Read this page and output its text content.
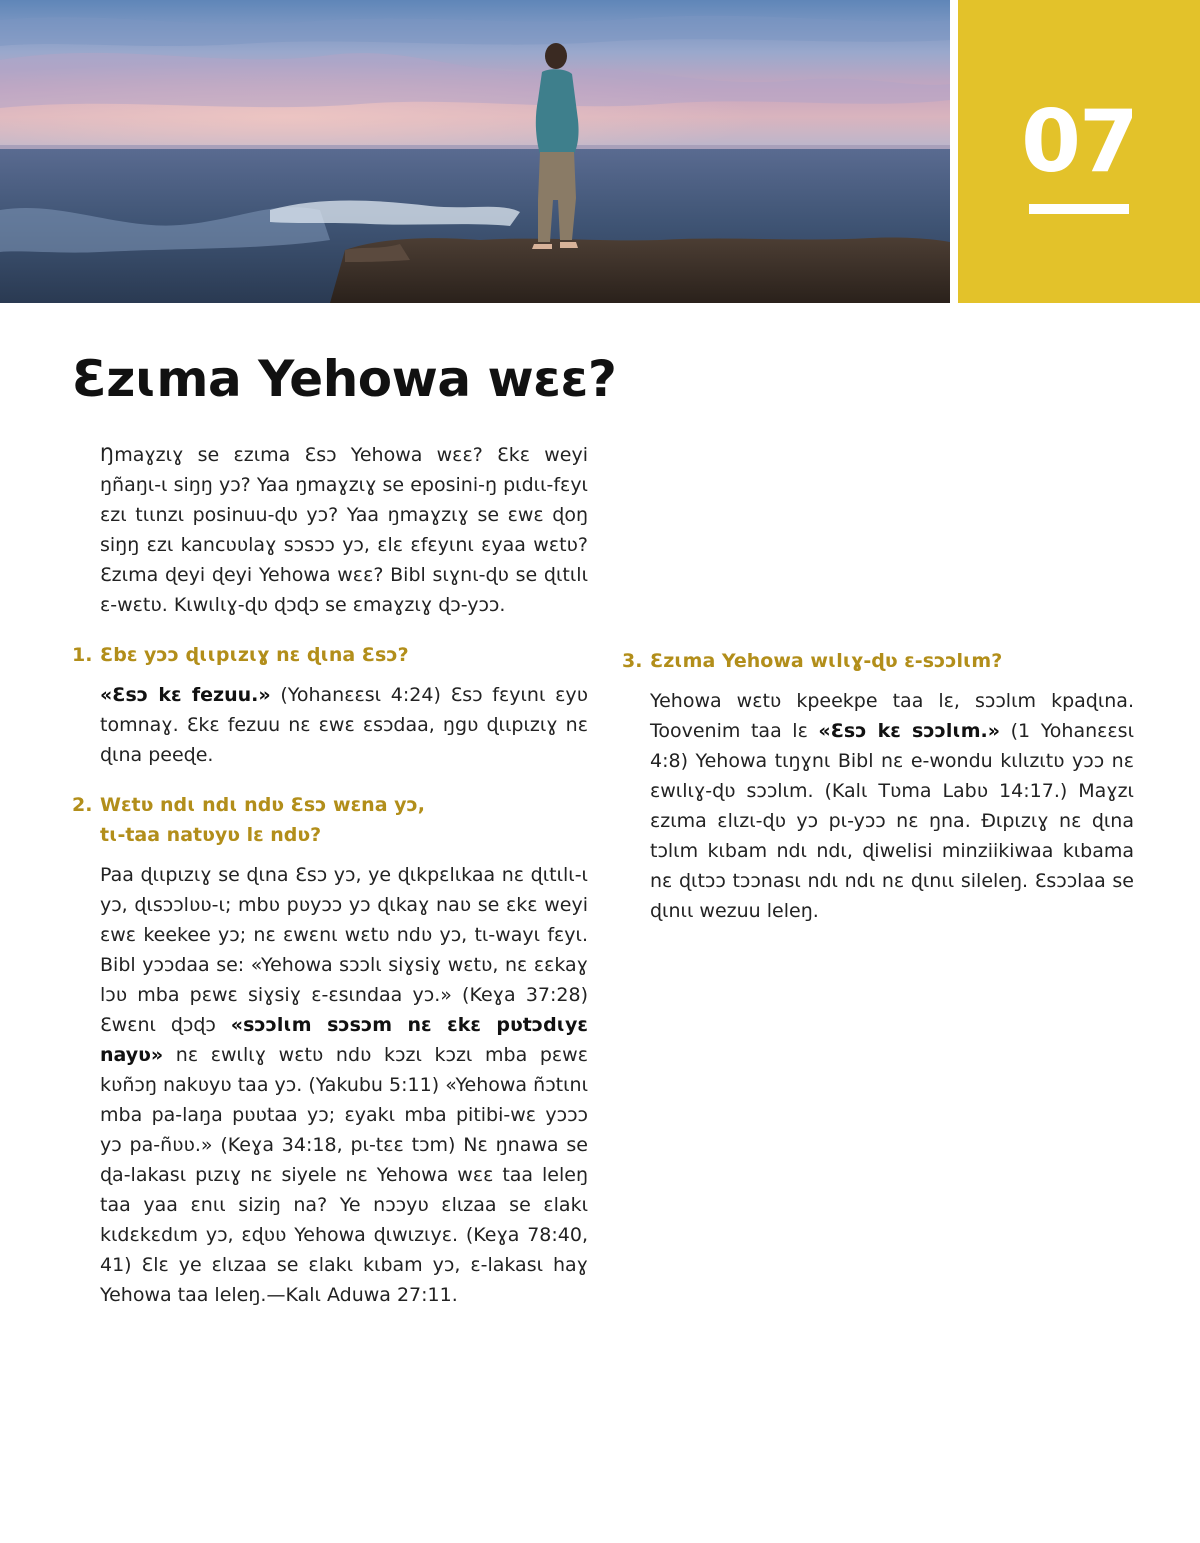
07
Ɛzɩma Yehowa wɛɛ?

Ŋmaɣzɩɣ se ɛzɩma Ɛsɔ Yehowa wɛɛ? Ɛkɛ weyi ŋñaŋɩ-ɩ siŋŋ yɔ? Yaa ŋmaɣzɩɣ se eposini-ŋ pɩdɩɩ-fɛyɩ ɛzɩ tɩɩnzɩ posinuu-ɖʋ yɔ? Yaa ŋmaɣzɩɣ se ɛwɛ ɖoŋ siŋŋ ɛzɩ kancʋʋlaɣ sɔsɔɔ yɔ, ɛlɛ ɛfɛyɩnɩ ɛyaa wɛtʋ? Ɛzɩma ɖeyi ɖeyi Yehowa wɛɛ? Bibl sɩɣnɩ-ɖʋ se ɖɩtɩlɩ ɛ-wɛtʋ. Kɩwɩlɩɣ-ɖʋ ɖɔɖɔ se ɛmaɣzɩɣ ɖɔ-yɔɔ.

1. Ɛbɛ yɔɔ ɖɩɩpɩzɩɣ nɛ ɖɩna Ɛsɔ?

«Ɛsɔ kɛ fezuu.» (Yohanɛɛsɩ 4:24) Ɛsɔ fɛyɩnɩ ɛyʋ tomnaɣ. Ɛkɛ fezuu nɛ ɛwɛ ɛsɔdaa, ŋgʋ ɖɩɩpɩzɩɣ nɛ ɖɩna peeɖe.

2. Wɛtʋ ndɩ ndɩ ndʋ Ɛsɔ wɛna yɔ,
tɩ-taa natʋyʋ lɛ ndʋ?

Paa ɖɩɩpɩzɩɣ se ɖɩna Ɛsɔ yɔ, ye ɖɩkpɛlɩkaa nɛ ɖɩtɩlɩ-ɩ yɔ, ɖɩsɔɔlʋʋ-ɩ; mbʋ pʋyɔɔ yɔ ɖɩkaɣ naʋ se ɛkɛ weyi ɛwɛ keekee yɔ; nɛ ɛwɛnɩ wɛtʋ ndʋ yɔ, tɩ-wayɩ fɛyɩ. Bibl yɔɔdaa se: «Yehowa sɔɔlɩ siɣsiɣ wɛtʋ, nɛ ɛɛkaɣ lɔʋ mba pɛwɛ siɣsiɣ ɛ-ɛsɩndaa yɔ.» (Keɣa 37:28) Ɛwɛnɩ ɖɔɖɔ «sɔɔlɩm sɔsɔm nɛ ɛkɛ pʋtɔdɩyɛ nayʋ» nɛ ɛwɩlɩɣ wɛtʋ ndʋ kɔzɩ kɔzɩ mba pɛwɛ kʋñɔŋ nakʋyʋ taa yɔ. (Yakubu 5:11) «Yehowa ñɔtɩnɩ mba pa-laŋa pʋʋtaa yɔ; ɛyakɩ mba pitibi-wɛ yɔɔɔ yɔ pa-ñʋʋ.» (Keɣa 34:18, pɩ-tɛɛ tɔm) Nɛ ŋnawa se ɖa-lakasɩ pɩzɩɣ nɛ siyele nɛ Yehowa wɛɛ taa leleŋ taa yaa ɛnɩɩ siziŋ na? Ye nɔɔyʋ ɛlɩzaa se ɛlakɩ kɩdɛkɛdɩm yɔ, ɛɖʋʋ Yehowa ɖɩwɩzɩyɛ. (Keɣa 78:40, 41) Ɛlɛ ye ɛlɩzaa se ɛlakɩ kɩbam yɔ, ɛ-lakasɩ haɣ Yehowa taa leleŋ.—Kalɩ Aduwa 27:11.

3. Ɛzɩma Yehowa wɩlɩɣ-ɖʋ ɛ-sɔɔlɩm?

Yehowa wɛtʋ kpeekpe taa lɛ, sɔɔlɩm kpaɖɩna. Toovenim taa lɛ «Ɛsɔ kɛ sɔɔlɩm.» (1 Yohanɛɛsɩ 4:8) Yehowa tɩŋɣnɩ Bibl nɛ e-wondu kɩlɩzɩtʋ yɔɔ nɛ ɛwɩlɩɣ-ɖʋ sɔɔlɩm. (Kalɩ Tʋma Labʋ 14:17.) Maɣzɩ ɛzɩma ɛlɩzɩ-ɖʋ yɔ pɩ-yɔɔ nɛ ŋna. Ɖɩpɩzɩɣ nɛ ɖɩna tɔlɩm kɩbam ndɩ ndɩ, ɖiwelisi minziikiwaa kɩbama nɛ ɖɩtɔɔ tɔɔnasɩ ndɩ ndɩ nɛ ɖɩnɩɩ sileleŋ. Ɛsɔɔlaa se ɖɩnɩɩ wezuu leleŋ.
